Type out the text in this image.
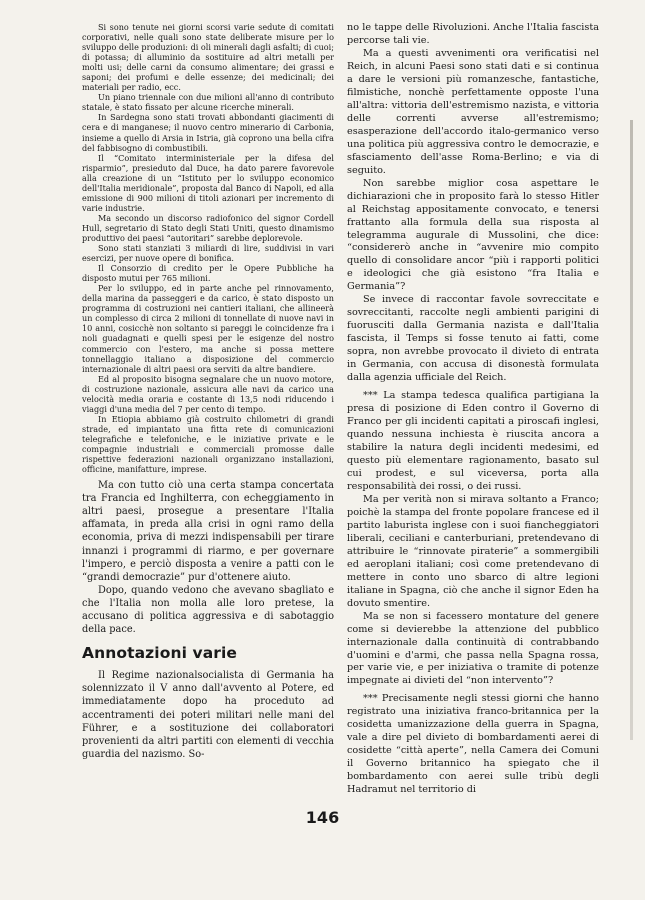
Si sono tenute nei giorni scorsi varie sedute di comitati corporativi, nelle quali sono state deliberate misure per lo sviluppo delle produzioni: di oli minerali dagli asfalti; di cuoi; di potassa; di alluminio da sostituire ad altri metalli per molti usi; delle carni da consumo alimentare; dei grassi e saponi; dei profumi e delle essenze; dei medicinali; dei materiali per radio, ecc.

Un piano triennale con due milioni all'anno di contributo statale, è stato fissato per alcune ricerche minerali.

In Sardegna sono stati trovati abbondanti giacimenti di cera e di manganese; il nuovo centro minerario di Carbonia, insieme a quello di Arsia in Istria, già coprono una bella cifra del fabbisogno di combustibili.

Il “Comitato interministeriale per la difesa del risparmio”, presieduto dal Duce, ha dato parere favorevole alla creazione di un “Istituto per lo sviluppo economico dell'Italia meridionale”, proposta dal Banco di Napoli, ed alla emissione di 900 milioni di titoli azionari per incremento di varie industrie.

Ma secondo un discorso radiofonico del signor Cordell Hull, segretario di Stato degli Stati Uniti, questo dinamismo produttivo dei paesi “autoritari” sarebbe deplorevole.

Sono stati stanziati 3 miliardi di lire, suddivisi in vari esercizi, per nuove opere di bonifica.

Il Consorzio di credito per le Opere Pubbliche ha disposto mutui per 765 milioni.

Per lo sviluppo, ed in parte anche pel rinnovamento, della marina da passeggeri e da carico, è stato disposto un programma di costruzioni nei cantieri italiani, che allineerà un complesso di circa 2 milioni di tonnellate di nuove navi in 10 anni, cosicchè non soltanto si pareggi le coincidenze fra i noli guadagnati e quelli spesi per le esigenze del nostro commercio con l'estero, ma anche si possa mettere tonnellaggio italiano a disposizione del commercio internazionale di altri paesi ora serviti da altre bandiere.

Ed al proposito bisogna segnalare che un nuovo motore, di costruzione nazionale, assicura alle navi da carico una velocità media oraria e costante di 13,5 nodi riducendo i viaggi d'una media del 7 per cento di tempo.

In Etiopia abbiamo già costruito chilometri di grandi strade, ed impiantato una fitta rete di comunicazioni telegrafiche e telefoniche, e le iniziative private e le compagnie industriali e commerciali promosse dalle rispettive federazioni nazionali organizzano installazioni, officine, manifatture, imprese.

Ma con tutto ciò una certa stampa concertata tra Francia ed Inghilterra, con echeggiamento in altri paesi, prosegue a presentare l'Italia affamata, in preda alla crisi in ogni ramo della economia, priva di mezzi indispensabili per tirare innanzi i programmi di riarmo, e per governare l'impero, e perciò disposta a venire a patti con le “grandi democrazie” pur d'ottenere aiuto.

Dopo, quando vedono che avevano sbagliato e che l'Italia non molla alle loro pretese, la accusano di politica aggressiva e di sabotaggio della pace.

Annotazioni varie

Il Regime nazionalsocialista di Germania ha solennizzato il V anno dall'avvento al Potere, ed immediatamente dopo ha proceduto ad accentramenti dei poteri militari nelle mani del Führer, e a sostituzione dei collaboratori provenienti da altri partiti con elementi di vecchia guardia del nazismo. So-

no le tappe delle Rivoluzioni. Anche l'Italia fascista percorse tali vie.

Ma a questi avvenimenti ora verificatisi nel Reich, in alcuni Paesi sono stati dati e si continua a dare le versioni più romanzesche, fantastiche, filmistiche, nonchè perfettamente opposte l'una all'altra: vittoria dell'estremismo nazista, e vittoria delle correnti avverse all'estremismo; esasperazione dell'accordo italo-germanico verso una politica più aggressiva contro le democrazie, e sfasciamento dell'asse Roma-Berlino; e via di seguito.

Non sarebbe miglior cosa aspettare le dichiarazioni che in proposito farà lo stesso Hitler al Reichstag appositamente convocato, e tenersi frattanto alla formula della sua risposta al telegramma augurale di Mussolini, che dice: “considererò anche in “avvenire mio compito quello di consolidare ancor “più i rapporti politici e ideologici che già esistono “fra Italia e Germania”?

Se invece di raccontar favole sovreccitate e sovreccitanti, raccolte negli ambienti parigini di fuorusciti dalla Germania nazista e dall'Italia fascista, il Temps si fosse tenuto ai fatti, come sopra, non avrebbe provocato il divieto di entrata in Germania, con accusa di disonestà formulata dalla agenzia ufficiale del Reich.

*** La stampa tedesca qualifica partigiana la presa di posizione di Eden contro il Governo di Franco per gli incidenti capitati a piroscafi inglesi, quando nessuna inchiesta è riuscita ancora a stabilire la natura degli incidenti medesimi, ed questo più elementare ragionamento, basato sul cui prodest, e sul viceversa, porta alla responsabilità dei rossi, o dei russi.

Ma per verità non si mirava soltanto a Franco; poichè la stampa del fronte popolare francese ed il partito laburista inglese con i suoi fiancheggiatori liberali, ceciliani e canterburiani, pretendevano di attribuire le “rinnovate piraterie” a sommergibili ed aeroplani italiani; così come pretendevano di mettere in conto uno sbarco di altre legioni italiane in Spagna, ciò che anche il signor Eden ha dovuto smentire.

Ma se non si facessero montature del genere come si devierebbe la attenzione del pubblico internazionale dalla continuità di contrabbando d'uomini e d'armi, che passa nella Spagna rossa, per varie vie, e per iniziativa o tramite di potenze impegnate ai divieti del “non intervento”?

*** Precisamente negli stessi giorni che hanno registrato una iniziativa franco-britannica per la cosidetta umanizzazione della guerra in Spagna, vale a dire pel divieto di bombardamenti aerei di cosidette “città aperte”, nella Camera dei Comuni il Governo britannico ha spiegato che il bombardamento con aerei sulle tribù degli Hadramut nel territorio di

146
